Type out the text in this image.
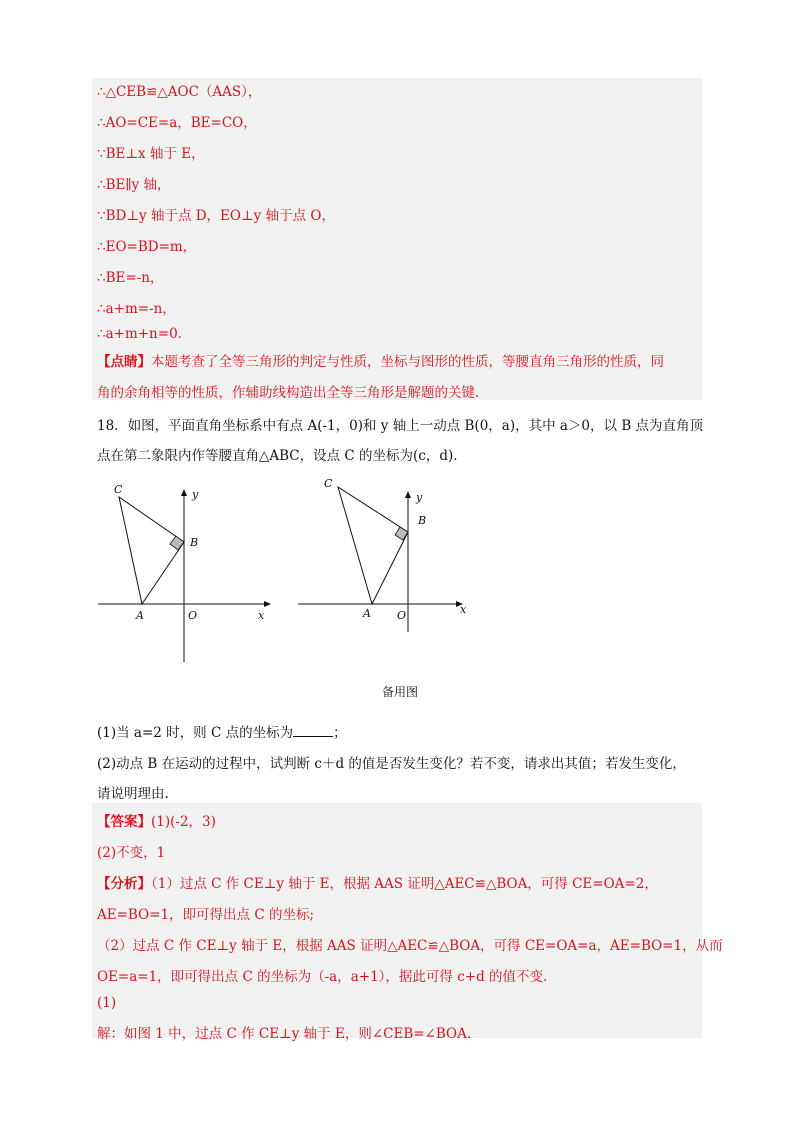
∴△CEB≌△AOC（AAS），
∴AO=CE=a，BE=CO，
∵BE⊥x 轴于 E，
∴BE∥y 轴，
∵BD⊥y 轴于点 D，EO⊥y 轴于点 O，
∴EO=BD=m，
∴BE=-n，
∴a+m=-n，
∴a+m+n=0．
【点睛】本题考查了全等三角形的判定与性质，坐标与图形的性质，等腰直角三角形的性质，同
角的余角相等的性质，作辅助线构造出全等三角形是解题的关键.
18．如图，平面直角坐标系中有点 A(-1，0)和 y 轴上一动点 B(0，a)，其中 a＞0，以 B 点为直角顶
点在第二象限内作等腰直角△ABC，设点 C 的坐标为(c，d).
C
B
A	O	x
y
C
B
A O	x
y
备用图
(1)当 a=2 时，则 C 点的坐标为	；
(2)动点 B 在运动的过程中，试判断 c＋d 的值是否发生变化？若不变，请求出其值；若发生变化，
请说明理由.
【答案】(1)(-2，3)
(2)不变，1
【分析】（1）过点 C 作 CE⊥y 轴于 E，根据 AAS 证明△AEC≌△BOA，可得 CE=OA=2，
AE=BO=1，即可得出点 C 的坐标;
（2）过点 C 作 CE⊥y 轴于 E，根据 AAS 证明△AEC≌△BOA，可得 CE=OA=a，AE=BO=1，从而
OE=a=1，即可得出点 C 的坐标为（-a，a+1），据此可得 c+d 的值不变.
(1)
解：如图 1 中，过点 C 作 CE⊥y 轴于 E，则∠CEB=∠BOA.
